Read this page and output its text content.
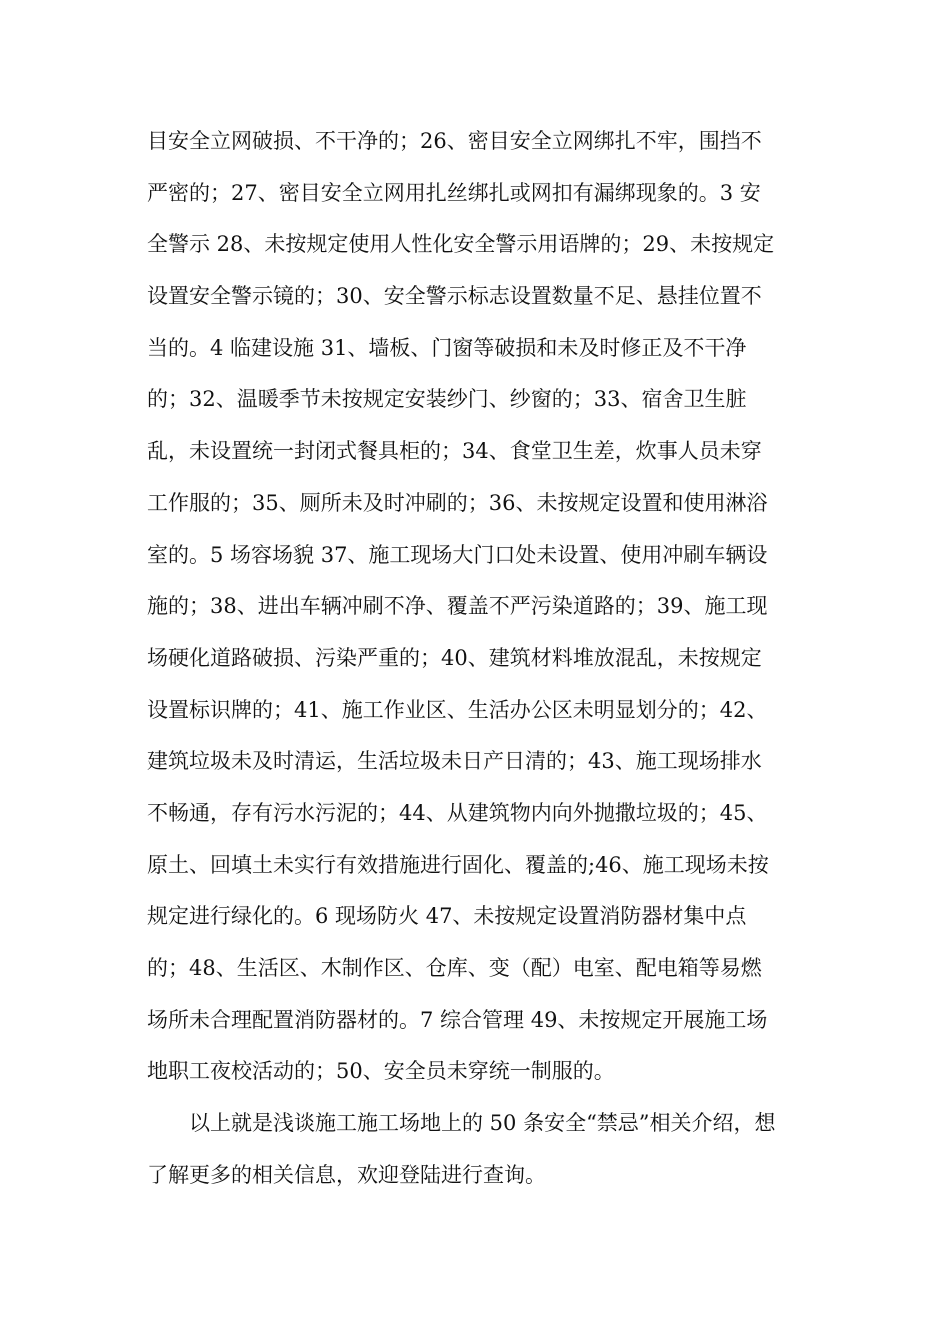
目安全立网破损、不干净的；26、密目安全立网绑扎不牢，围挡不
严密的；27、密目安全立网用扎丝绑扎或网扣有漏绑现象的。3 安
全警示 28、未按规定使用人性化安全警示用语牌的；29、未按规定
设置安全警示镜的；30、安全警示标志设置数量不足、悬挂位置不
当的。4 临建设施 31、墙板、门窗等破损和未及时修正及不干净
的；32、温暖季节未按规定安装纱门、纱窗的；33、宿舍卫生脏
乱，未设置统一封闭式餐具柜的；34、食堂卫生差，炊事人员未穿
工作服的；35、厕所未及时冲刷的；36、未按规定设置和使用淋浴
室的。5 场容场貌 37、施工现场大门口处未设置、使用冲刷车辆设
施的；38、进出车辆冲刷不净、覆盖不严污染道路的；39、施工现
场硬化道路破损、污染严重的；40、建筑材料堆放混乱，未按规定
设置标识牌的；41、施工作业区、生活办公区未明显划分的；42、
建筑垃圾未及时清运，生活垃圾未日产日清的；43、施工现场排水
不畅通，存有污水污泥的；44、从建筑物内向外抛撒垃圾的；45、
原土、回填土未实行有效措施进行固化、覆盖的;46、施工现场未按
规定进行绿化的。6 现场防火 47、未按规定设置消防器材集中点
的；48、生活区、木制作区、仓库、变（配）电室、配电箱等易燃
场所未合理配置消防器材的。7 综合管理 49、未按规定开展施工场
地职工夜校活动的；50、安全员未穿统一制服的。
以上就是浅谈施工施工场地上的 50 条安全“禁忌”相关介绍，想
了解更多的相关信息，欢迎登陆进行查询。
